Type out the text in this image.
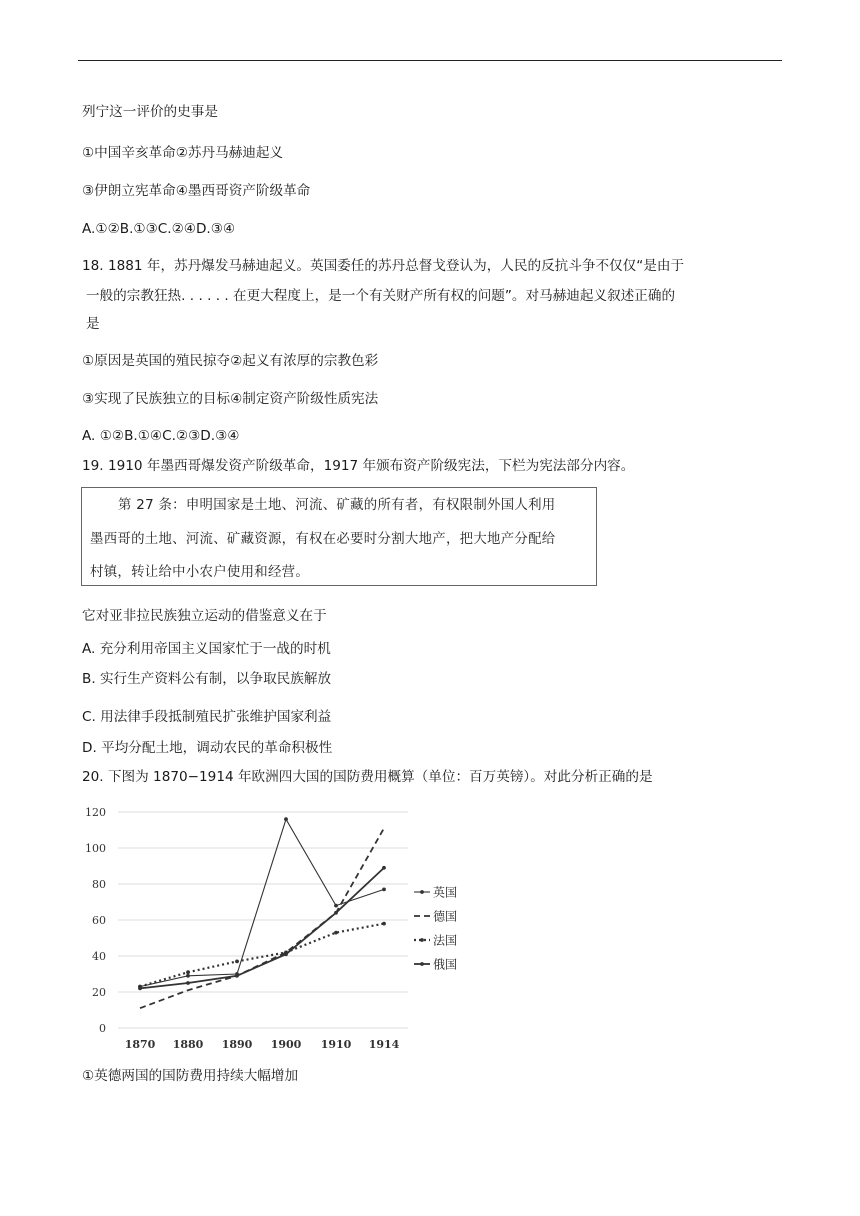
列宁这一评价的史事是
①中国辛亥革命②苏丹马赫迪起义
③伊朗立宪革命④墨西哥资产阶级革命
A.①②B.①③C.②④D.③④
18. 1881 年，苏丹爆发马赫迪起义。英国委任的苏丹总督戈登认为，人民的反抗斗争不仅仅“是由于
一般的宗教狂热. . . . . . 在更大程度上，是一个有关财产所有权的问题”。对马赫迪起义叙述正确的
是
①原因是英国的殖民掠夺②起义有浓厚的宗教色彩
③实现了民族独立的目标④制定资产阶级性质宪法
A. ①②B.①④C.②③D.③④
19. 1910 年墨西哥爆发资产阶级革命，1917 年颁布资产阶级宪法，下栏为宪法部分内容。
第 27 条：申明国家是土地、河流、矿藏的所有者，有权限制外国人利用
墨西哥的土地、河流、矿藏资源，有权在必要时分割大地产，把大地产分配给
村镇，转让给中小农户使用和经营。
它对亚非拉民族独立运动的借鉴意义在于
A. 充分利用帝国主义国家忙于一战的时机
B. 实行生产资料公有制，以争取民族解放
C. 用法律手段抵制殖民扩张维护国家利益
D. 平均分配土地，调动农民的革命积极性
20. 下图为 1870−1914 年欧洲四大国的国防费用概算（单位：百万英镑）。对此分析正确的是
0
20
40
60
80
100
120
1870 1880 1890 1900 1910 1914
英国
德国
法国
俄国
①英德两国的国防费用持续大幅增加
